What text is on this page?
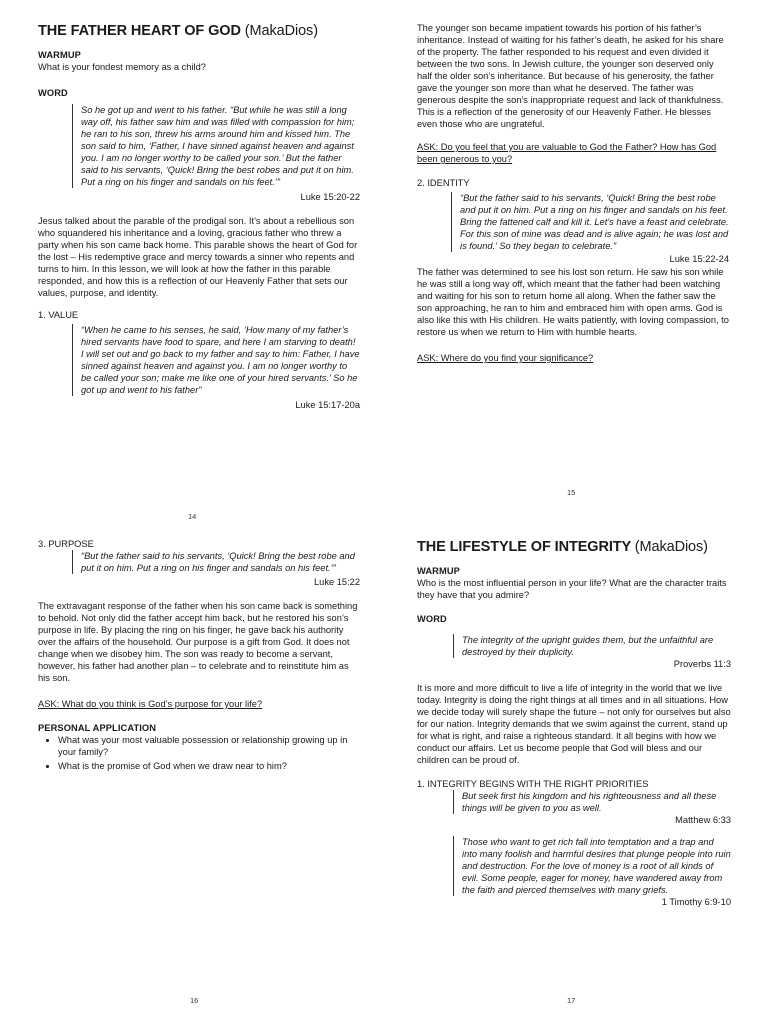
THE FATHER HEART OF GOD (MakaDios)

WARMUP

What is your fondest memory as a child?

WORD

So he got up and went to his father. “But while he was still a long way off, his father saw him and was filled with compassion for him; he ran to his son, threw his arms around him and kissed him. The son said to him, ‘Father, I have sinned against heaven and against you. I am no longer worthy to be called your son.’ But the father said to his servants, ‘Quick! Bring the best robes and put it on him. Put a ring on his finger and sandals on his feet.’”

Luke 15:20-22

Jesus talked about the parable of the prodigal son. It’s about a rebellious son who squandered his inheritance and a loving, gracious father who threw a party when his son came back home. This parable shows the heart of God for the lost – His redemptive grace and mercy towards a sinner who repents and turns to him. In this lesson, we will look at how the father in this parable responded, and how this is a reflection of our Heavenly Father that sets our values, purpose, and identity.

1. VALUE

“When he came to his senses, he said, ‘How many of my father’s hired servants have food to spare, and here I am starving to death! I will set out and go back to my father and say to him: Father, I have sinned against heaven and against you. I am no longer worthy to be called your son; make me like one of your hired servants.’ So he got up and went to his father”

Luke 15:17-20a

14

The younger son became impatient towards his portion of his father’s inheritance. Instead of waiting for his father’s death, he asked for his share of the property. The father responded to his request and even divided it between the two sons. In Jewish culture, the younger son deserved only half the older son’s inheritance. But because of his generosity, the father gave the younger son more than what he deserved. The father was generous despite the son’s inappropriate request and lack of thankfulness. This is a reflection of the generosity of our Heavenly Father. He blesses even those who are ungrateful.

ASK: Do you feel that you are valuable to God the Father? How has God been generous to you?

2. IDENTITY

“But the father said to his servants, ‘Quick! Bring the best robe and put it on him. Put a ring on his finger and sandals on his feet. Bring the fattened calf and kill it. Let’s have a feast and celebrate. For this son of mine was dead and is alive again; he was lost and is found.’ So they began to celebrate.”

Luke 15:22-24

The father was determined to see his lost son return. He saw his son while he was still a long way off, which meant that the father had been watching and waiting for his son to return home all along. When the father saw the son approaching, he ran to him and embraced him with open arms. God is also like this with His children. He waits patiently, with loving compassion, to restore us when we return to Him with humble hearts.

ASK: Where do you find your significance?

15

3. PURPOSE

“But the father said to his servants, ‘Quick! Bring the best robe and put it on him. Put a ring on his finger and sandals on his feet.’”

Luke 15:22

The extravagant response of the father when his son came back is something to behold. Not only did the father accept him back, but he restored his son’s purpose in life. By placing the ring on his finger, he gave back his authority over the affairs of the household. Our purpose is a gift from God. It does not change when we disobey him. The son was ready to become a servant, however, his father had another plan – to celebrate and to reinstitute him as his son.

ASK: What do you think is God’s purpose for your life?

PERSONAL APPLICATION

• What was your most valuable possession or relationship growing up in your family?
• What is the promise of God when we draw near to him?
16
THE LIFESTYLE OF INTEGRITY (MakaDios)

WARMUP

Who is the most influential person in your life? What are the character traits they have that you admire?

WORD

The integrity of the upright guides them, but the unfaithful are destroyed by their duplicity.

Proverbs 11:3

It is more and more difficult to live a life of integrity in the world that we live today. Integrity is doing the right things at all times and in all situations. How we decide today will surely shape the future – not only for ourselves but also for our nation. Integrity demands that we swim against the current, stand up for what is right, and raise a righteous standard. It all begins with how we conduct our affairs. Let us become people that God will bless and our children can be proud of.

1. INTEGRITY BEGINS WITH THE RIGHT PRIORITIES

But seek first his kingdom and his righteousness and all these things will be given to you as well.

Matthew 6:33

Those who want to get rich fall into temptation and a trap and into many foolish and harmful desires that plunge people into ruin and destruction. For the love of money is a root of all kinds of evil. Some people, eager for money, have wandered away from the faith and pierced themselves with many griefs.

1 Timothy 6:9-10

17
